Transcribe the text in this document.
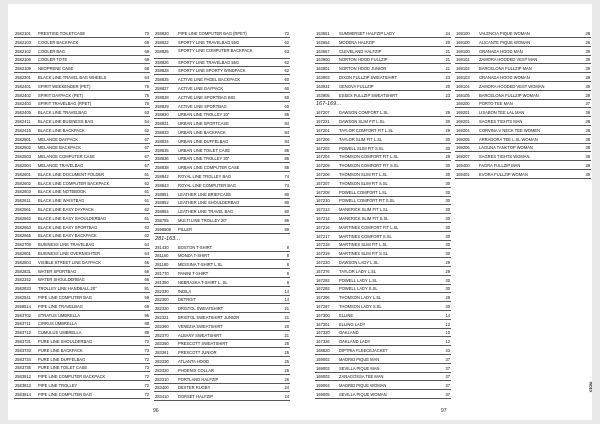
2582101	PRESTIGE TOILETCASE	70
2582103	COOLER BACKPACK	69
2582102	COOLER BAG	69
2582106	COOLER TOTE	69
2582109	NEOPRENE CASE	68
2582301	BLACK LINE TRAVEL BAG WHEELS	64
2582401	SPIRIT WEEKENDER (PET)	76
2582402	SPIRIT DAYPACK (PET)	76
2582403	SPIRIT TRAVELBAG (RPET)	76
2582405	BLACK LINE TRAVELBAG	63
2582411	BLACK LINE BUSINESS BAG	64
2582416	BLACK LINE BACKPACK	62
2582501	MELANGE DAYPACK	67
2582502	MELANGE BACKPACK	67
2582503	MELANGE COMPUTER CASE	67
2582504	MELANGE TRAVELBAG	67
2582601	BLACK LINE DOCUMENT FOLDER	61
2582602	BLACK LINE COMPUTER BACKPACK	62
2582603	BLACK LINE NOTEBOOK	61
2582611	BLACK LINE WAISTBAG	61
2582661	BLACK LINE EASY DAYPACK	62
2582662	BLACK LINE EASY SHOULDERBAG	61
2582663	BLACK LINE EASY SPORTBAG	63
2582665	BLACK LINE EASY BACKPACK	62
2582708	BUSINESS LINE TRAVELBAG	64
2582801	BUSINESS LINE OVERNIGHTER	64
2582804	VISIBLE STREET LINE DAYPACK	66
2582831	WATER SPORTBAG	66
2582342	WATER SHOULDERBAG	66
2582833	TROLLEY LINE HANDBALL 20"	81
2582841	PIPE LINE COMPUTER BAG	69
2598514	PIPE LINE TRAVELBAG	69
2583702	STRATUS UMBRELLA	96
2583711	CIRRUS UMBRELLA	88
2583712	CUMULUS UMBRELLA	89
2583731	PURE LINE SHOULDERBAG	72
2583733	PURE LINE BACKPACK	73
2583734	PURE LINE DUFFELBAG	72
2583735	PURE LINE TOILET CASE	73
2583812	PIPE LINE COMPUTER BACKPACK	72
2583813	PIPE LINE TROLLEY	72
2583814	PIPE LINE COMPUTER BAG	72
258820	PIPE LINE COMPUTER BAG (RPET)	72
258822	SPORTY LINE TRAVELBAG 55G	62
258825	SPORTY LINE COMPUTER BACKPACK	63
258826	SPORTY LINE TRAVELBAG 55G	62
258828	SPORTY LINE SPORTY WINDPACK	62
258825	ACTIVE LINE PADEL BACKPACK	60
258827	ACTIVE LINE DAYPACK	60
258828	ACTIVE LINE SPORTBAG BIG	60
258829	ACTIVE LINE SPORTBAG	60
258830	URBAN LINE TROLLEY 20"	85
258831	URBAN LINE SPORTCASE	84
258833	URBAN LINE BACKPACK	84
258834	URBAN LINE DUFFELBAG	84
258835	URBAN LINE TOILET CASE	85
258836	URBAN LINE TROLLEY 30"	85
258838	URBAN LINE COMPUTER CASE	85
258842	ROYAL LINE TROLLEY BAG	74
258843	ROYAL LINE COMPUTER BAG	74
258851	LEATHER LINE BRIEFCASE	80
258852	LEATHER LINE SHOULDERBAG	80
258854	LEATHER LINE TRAVEL BAG	80
258755	MULTI LINE TROLLEY 20"	86
2598808	PILLER	89
281-163…
281430	BOSTON T-SHIRT	8
281160	MONZA T-SHIRT	8
281180	MESSINA T-SHIRT L.SL	8
281770	PANINI T-SHIRT	9
281350	NEBRASKA T-SHIRT L. SL	9
282330	INDILA	14
282300	DETROIT	14
282320	DRISTOL SWEATSHIRT	21
282321	BRISTOL SWEATSHIRT JUNIOR	21
282360	VENEZIA SWEATSHIRT	20
282370	ALBANY SWEATSHIRT	21
283360	PRESCOTT SWEATSHIRT	25
283361	PRESCOTT JUNIOR	25
283330	ATLANTA HOOD	25
283320	PHOENIX COLLAR	25
283310	PORTLAND HALFZIP	26
283400	DEXTER RUGBY	24
283410	DORSET HALFZIP	24
163651	SUMMERSET HALFZIP LADY	24
163654	MODENA HALFZIP	20
163657	CLEVELAND HALFZIP	21
163900	NORTON HOOD FULLZIP	21
163901	NORTON HOOD JUNIOR	21
163903	DIXON FULLZIP SWEATSHIRT	23
163931	GENOVA FULLZIP	20
163905	ESSEX FULLZIP SWEATSHIRT	23
167-169…
167207	DAWSON COMFORT L.SL	29
167221	DAWSON SLIM FIT L.SL	30
167201	TAYLOR COMFORT FIT L.SL	29
167206	TAYLOR SLIM FIT L.SL	30
167203	POWELL SLIM FIT S.SL	30
167204	THOMSON COMFORT FIT L.SL	29
167209	THOMSON COMFORT FIT S.SL	30
167206	THOMSON SLIM FIT L.SL	30
167207	THOMSON SLIM FIT S.SL	30
167208	POWELL COMFORT L.SL	30
167210	POWELL COMFORT FIT S.SL	30
167213	MANERICK SLIM FIT L.SL	30
167214	MANERICK SLIM FIT S.SL	30
167216	MARTINES COMFORT FIT L.SL	30
167217	MARTINES COMFORT S.SL	30
167218	MARTINES SLIM FIT L.SL	30
167219	MARTINES SLIM FIT S.SL	30
167220	DAWSON LADY L.SL	29
167276	TAYLOR LADY L.SL	29
167292	POWELL LADY L.SL	30
167293	POWELL LADY S.SL	30
167296	THOMSON LADY L.SL	29
167297	THOMSON LADY S.SL	30
167300	ELLINE	14
167301	ELLING LADY	12
167320	OAKLAND	10
167326	OAKLAND LADY	12
168820	DIPTRIA FLEECEJACKET	43
169002	MADRID PIQUE MAN	37
169003	SEVILLA PIQUE MAN	37
169003	ZARAGOSSA TEE MAN	37
169004	MADRID PIQUE WOMAN	37
169005	SEVILLA PIQUE WOMAN	37
169100	VALENCIA PIQUE WOMAN	38
169100	ALICANTE PIQUE WOMAN	36
169100	GRANADA HOOD MAN	39
169101	ZAMORA HOODED VEST MAN	39
169102	BARCELONA FULLZIP MAN	39
169103	GRANADA HOOD WOMAN	39
169104	ZAMORA HOODED VEST WOMAN	39
169105	BARCELONA FULLZIP WOMAN	39
169200	PORTO TEE MAN	37
169201	LISABON TEE LAL MAN	39
169201	SAGRES TIGHTS MAN	38
169204	CORVINA V NECK TEE WOMEN	38
169205	ARRADORA TEE L.SL WOMAN	38
169206	LAGUNA TANKTOP WOMAN	38
169207	SAGRES TIGHTS WOMAN	38
169400	FAGRA FULLZIP MAN	39
169401	EVORA FULLZIP WOMAN	39
96	97
INDEX
